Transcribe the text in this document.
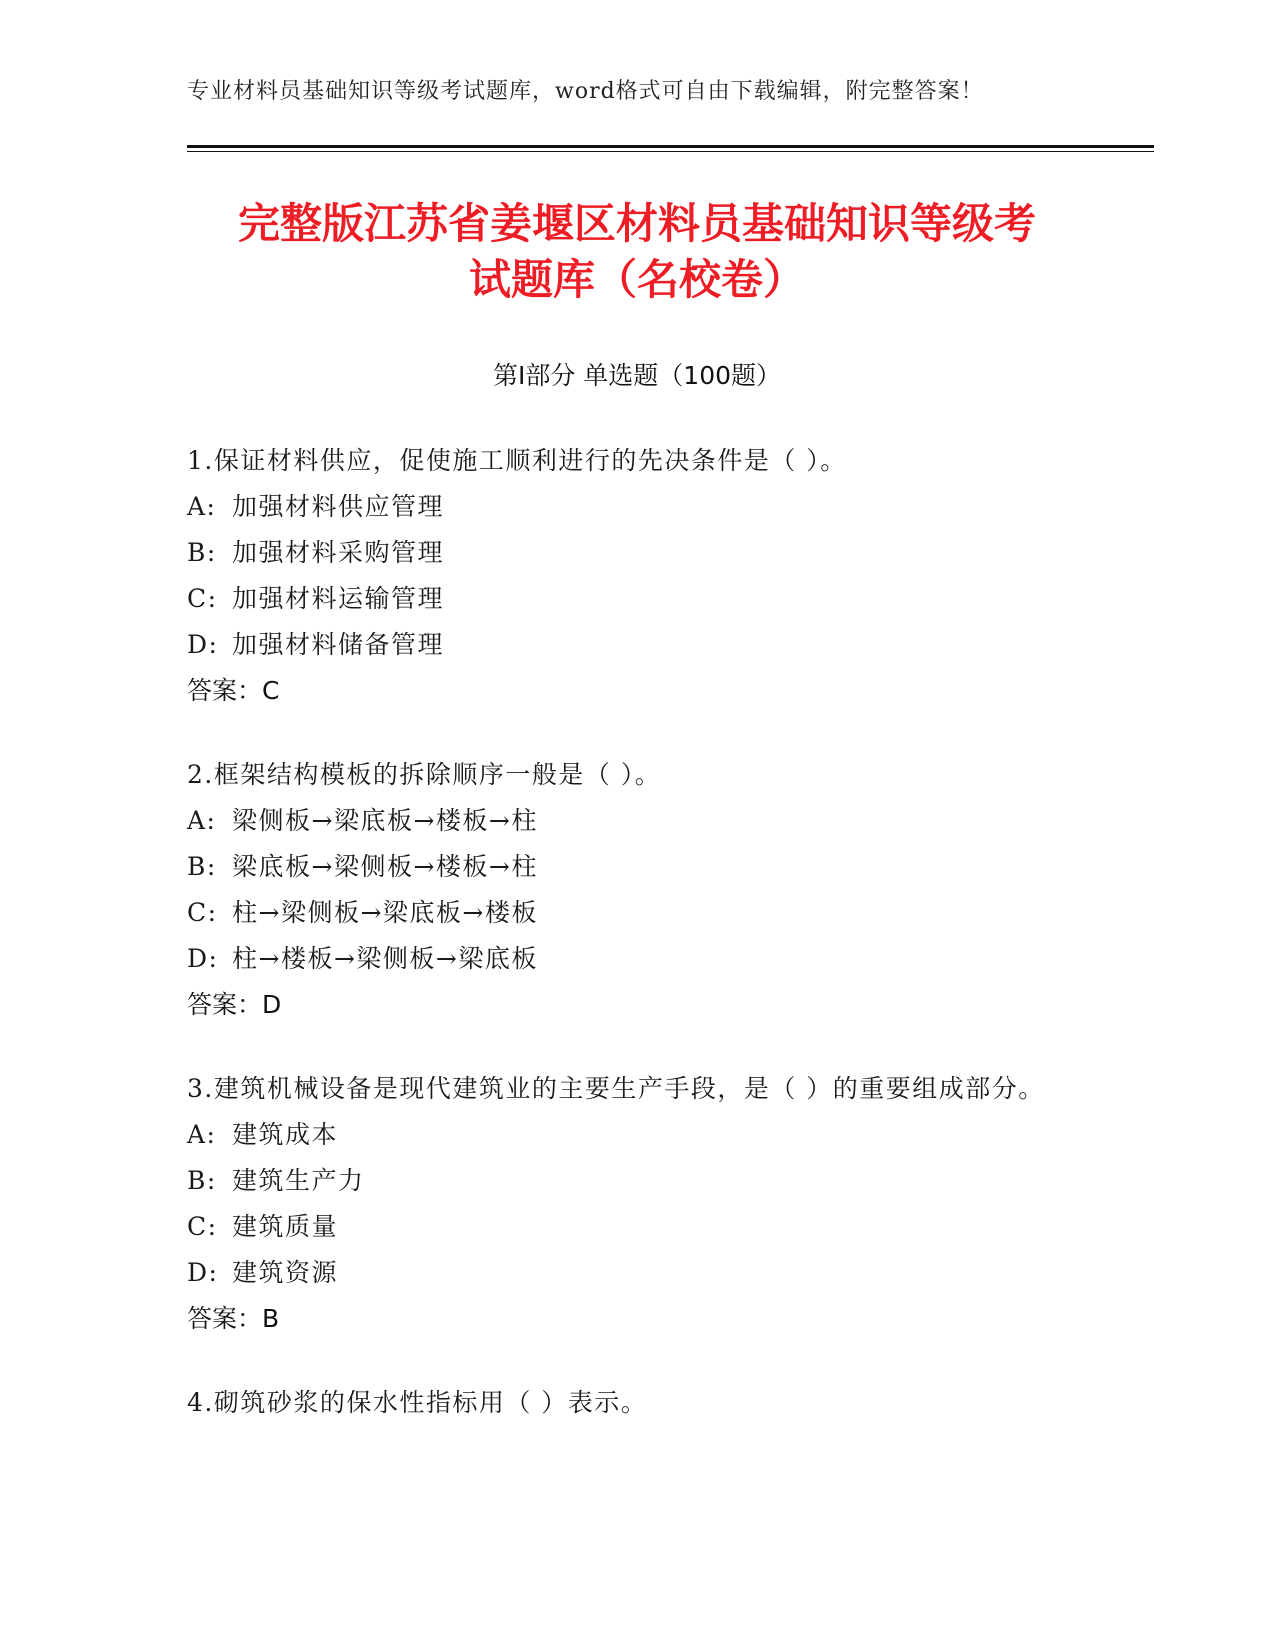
专业材料员基础知识等级考试题库，word格式可自由下载编辑，附完整答案！
完整版江苏省姜堰区材料员基础知识等级考
试题库（名校卷）
第Ⅰ部分 单选题（100题）
1.保证材料供应，促使施工顺利进行的先决条件是（ ）。
A: 加强材料供应管理
B: 加强材料采购管理
C: 加强材料运输管理
D: 加强材料储备管理
答案：C
2.框架结构模板的拆除顺序一般是（ ）。
A: 梁侧板→梁底板→楼板→柱
B: 梁底板→梁侧板→楼板→柱
C: 柱→梁侧板→梁底板→楼板
D: 柱→楼板→梁侧板→梁底板
答案：D
3.建筑机械设备是现代建筑业的主要生产手段，是（ ）的重要组成部分。
A: 建筑成本
B: 建筑生产力
C: 建筑质量
D: 建筑资源
答案：B
4.砌筑砂浆的保水性指标用（ ）表示。
